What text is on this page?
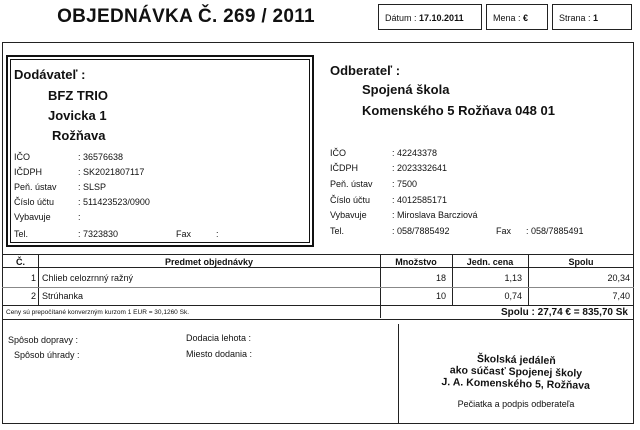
OBJEDNÁVKA Č. 269 / 2011	Dátum : 17.10.2011	Mena : €	Strana : 1
Dodávateľ :
BFZ TRIO
Jovicka 1
Rožňava
IČO	: 36576638
IČDPH	: SK2021807117
Peň. ústav : SLSP
Číslo účtu	: 511423523/0900
Vybavuje	:
Tel.	: 7323830	Fax	:
Odberateľ :
Spojená škola
Komenského 5 Rožňava 048 01
IČO	: 42243378
IČDPH	: 2023332641
Peň. ústav : 7500
Číslo účtu : 4012585171
Vybavuje	: Miroslava Barcziová
Tel.	: 058/7885492	Fax : 058/7885491
Č.	Predmet objednávky	Množstvo	Jedn. cena	Spolu
1 Chlieb celozrnný ražný	18	1,13	20,34
2 Strúhanka	10	0,74	7,40
Ceny sú prepočítané konverzným kurzom 1 EUR = 30,1260 Sk.	Spolu : 27,74 € = 835,70 Sk
Spôsob dopravy :
Spôsob úhrady :
Dodacia lehota :
Miesto dodania :	Školská jedáleň
ako súčasť Spojenej školy
J. A. Komenského 5, Rožňava
Pečiatka a podpis odberateľa
